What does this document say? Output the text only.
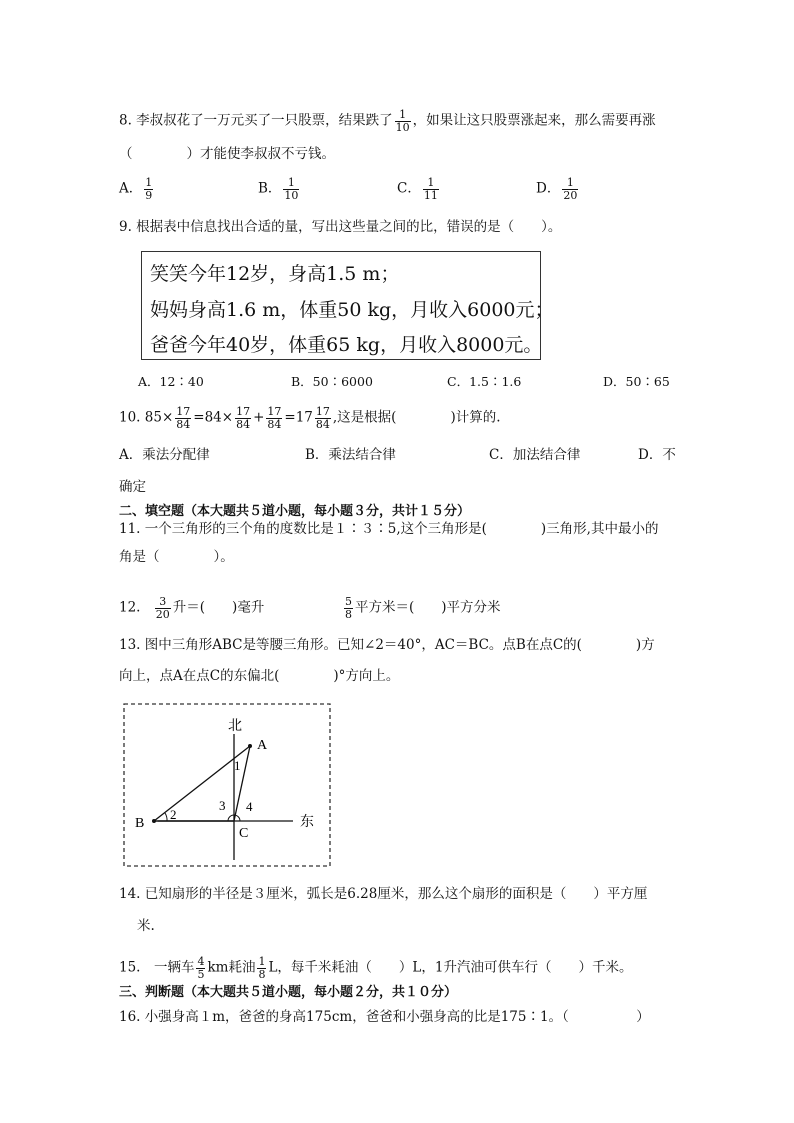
8. 李叔叔花了一万元买了一只股票，结果跌了 $\frac{1}{10}$ ，如果让这只股票涨起来，那么需要再涨
（　　　　）才能使李叔叔不亏钱。
A． $\frac{1}{9}$	B． $\frac{1}{10}$	C． $\frac{1}{11}$	D． $\frac{1}{20}$
9. 根据表中信息找出合适的量，写出这些量之间的比，错误的是（　　）。
笑笑今年12岁，身高1.5 m；
妈妈身高1.6 m，体重50 kg，月收入6000元；
爸爸今年40岁，体重65 kg，月收入8000元。
A．12∶40	B．50∶6000	C．1.5∶1.6	D．50∶65
10. $85\times \frac{17}{84} =84\times \frac{17}{84} + \frac{17}{84} =17 \frac{17}{84}$ ,这是根据(　　　　)计算的.
A．乘法分配律	B．乘法结合律	C．加法结合律	D．不
确定
二、填空题（本大题共５道小题，每小题３分，共计１５分）
11. 一个三角形的三个角的度数比是１∶３∶5,这个三角形是(　　　　)三角形,其中最小的
角是（　　　　）。
12. $\frac{3}{20}$ 升＝(　　)毫升	$\frac{5}{8}$ 平方米＝(　　)平方分米
13. 图中三角形ABC是等腰三角形。已知∠2＝40°，AC＝BC。点B在点C的(　　　　)方
向上，点A在点C的东偏北(　　　　)°方向上。
北
东
A
B
C
1
2
3 4
14. 已知扇形的半径是３厘米，弧长是6.28厘米，那么这个扇形的面积是（　　）平方厘
米.
15.　一辆车 $\frac{4}{5}$ km耗油 $\frac{1}{8}$ L，每千米耗油（　　）L，1升汽油可供车行（　　）千米。
三、判断题（本大题共５道小题，每小题２分，共１０分）
16. 小强身高１m，爸爸的身高175cm，爸爸和小强身高的比是175∶1。（　　　　　）
